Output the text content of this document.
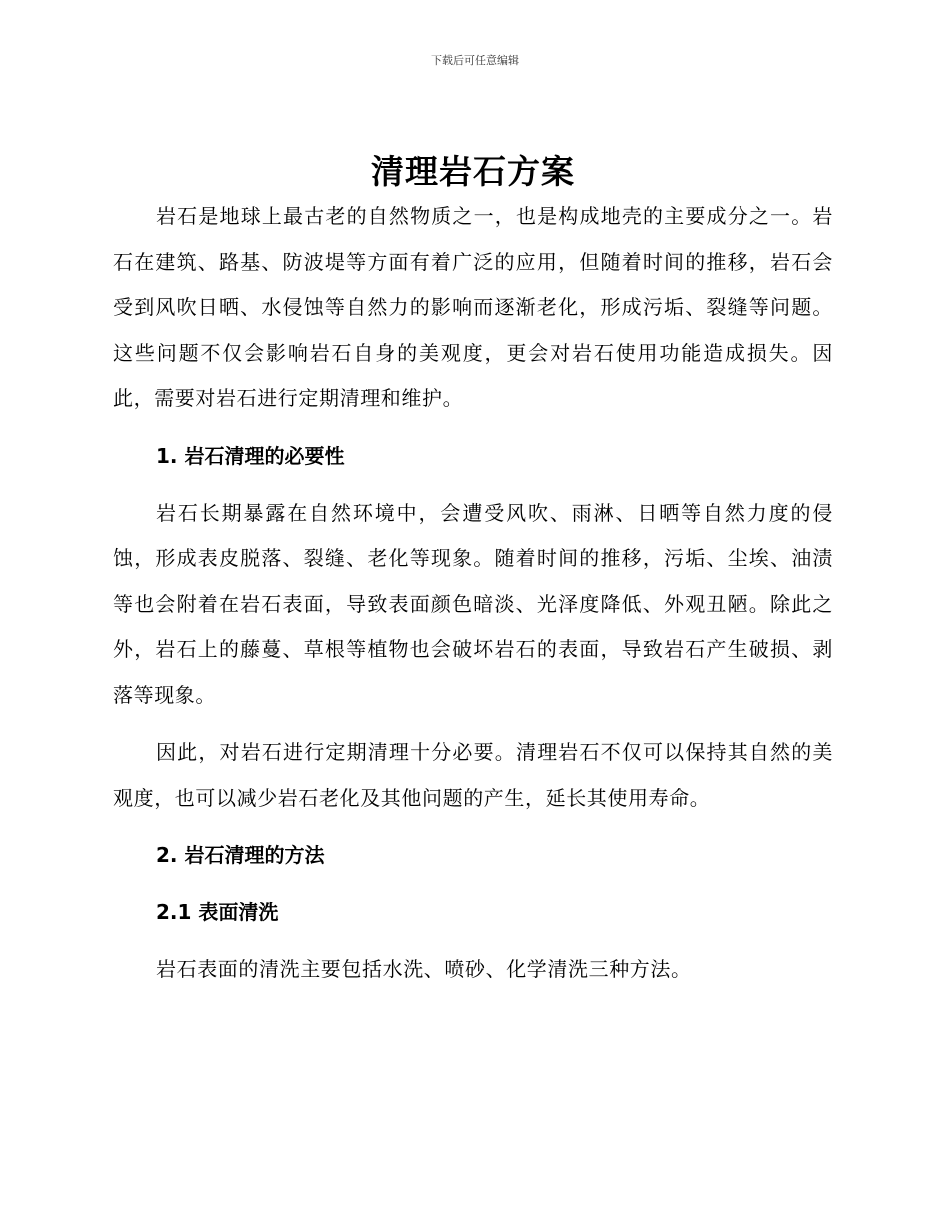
下载后可任意编辑
清理岩石方案

岩石是地球上最古老的自然物质之一，也是构成地壳的主要成分之一。岩石在建筑、路基、防波堤等方面有着广泛的应用，但随着时间的推移，岩石会受到风吹日晒、水侵蚀等自然力的影响而逐渐老化，形成污垢、裂缝等问题。这些问题不仅会影响岩石自身的美观度，更会对岩石使用功能造成损失。因此，需要对岩石进行定期清理和维护。

1. 岩石清理的必要性

岩石长期暴露在自然环境中，会遭受风吹、雨淋、日晒等自然力度的侵蚀，形成表皮脱落、裂缝、老化等现象。随着时间的推移，污垢、尘埃、油渍等也会附着在岩石表面，导致表面颜色暗淡、光泽度降低、外观丑陋。除此之外，岩石上的藤蔓、草根等植物也会破坏岩石的表面，导致岩石产生破损、剥落等现象。

因此，对岩石进行定期清理十分必要。清理岩石不仅可以保持其自然的美观度，也可以减少岩石老化及其他问题的产生，延长其使用寿命。

2. 岩石清理的方法
2.1 表面清洗

岩石表面的清洗主要包括水洗、喷砂、化学清洗三种方法。
